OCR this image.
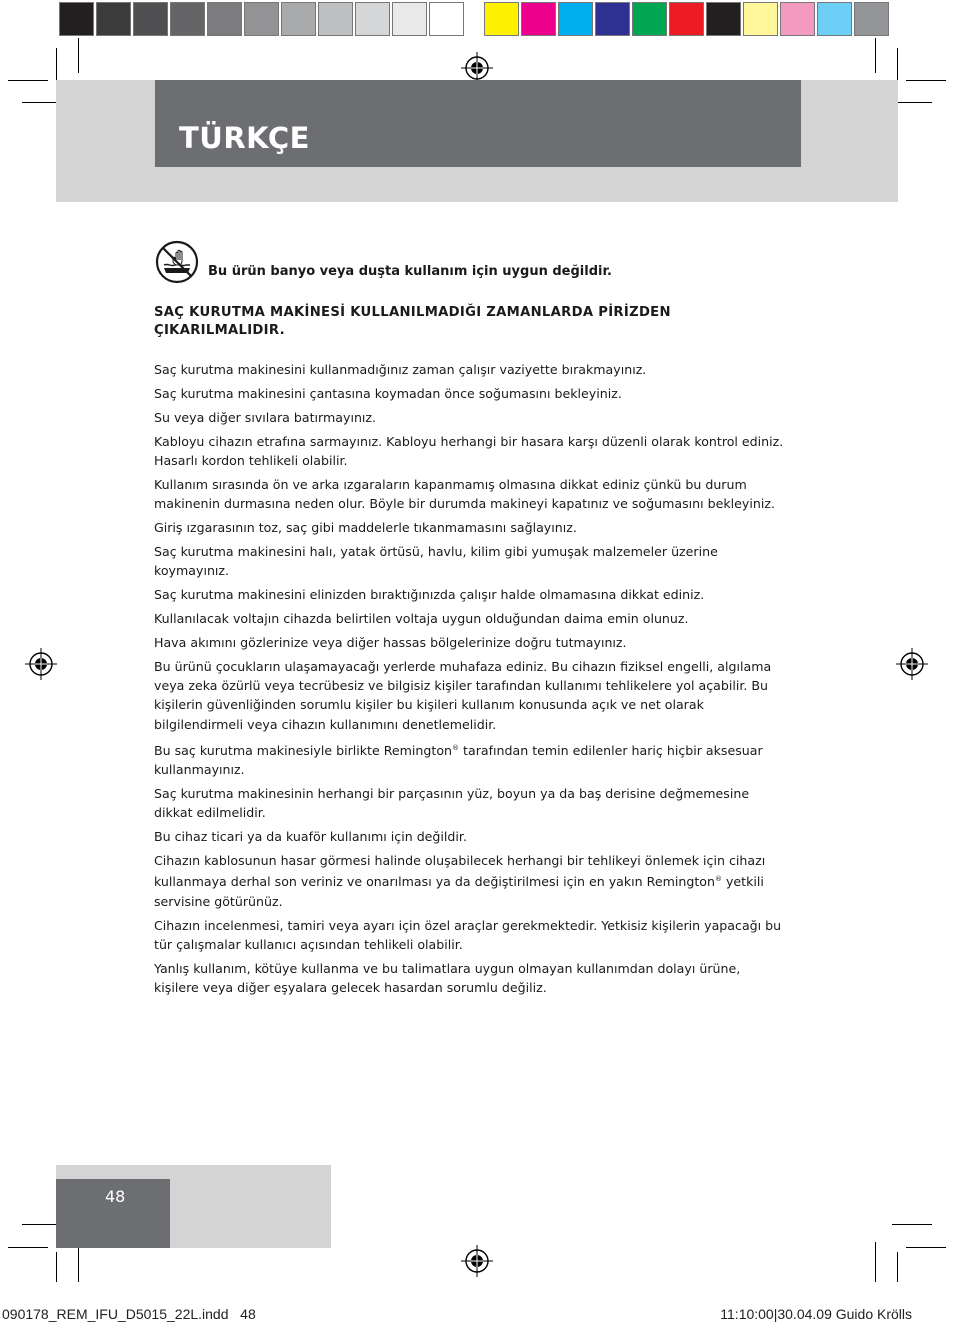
TÜRKÇE
Bu ürün banyo veya duşta kullanım için uygun değildir.

SAÇ KURUTMA MAKİNESİ KULLANILMADIĞI ZAMANLARDA PİRİZDEN
ÇIKARILMALIDIR.

Saç kurutma makinesini kullanmadığınız zaman çalışır vaziyette bırakmayınız.
Saç kurutma makinesini çantasına koymadan önce soğumasını bekleyiniz.
Su veya diğer sıvılara batırmayınız.
Kabloyu cihazın etrafına sarmayınız. Kabloyu herhangi bir hasara karşı düzenli olarak kontrol ediniz. Hasarlı kordon tehlikeli olabilir.
Kullanım sırasında ön ve arka ızgaraların kapanmamış olmasına dikkat ediniz çünkü bu durum makinenin durmasına neden olur. Böyle bir durumda makineyi kapatınız ve soğumasını bekleyiniz.
Giriş ızgarasının toz, saç gibi maddelerle tıkanmamasını sağlayınız.
Saç kurutma makinesini halı, yatak örtüsü, havlu, kilim gibi yumuşak malzemeler üzerine koymayınız.
Saç kurutma makinesini elinizden bıraktığınızda çalışır halde olmamasına dikkat ediniz.
Kullanılacak voltajın cihazda belirtilen voltaja uygun olduğundan daima emin olunuz.
Hava akımını gözlerinize veya diğer hassas bölgelerinize doğru tutmayınız.
Bu ürünü çocukların ulaşamayacağı yerlerde muhafaza ediniz. Bu cihazın fiziksel engelli, algılama veya zeka özürlü veya tecrübesiz ve bilgisiz kişiler tarafından kullanımı tehlikelere yol açabilir. Bu kişilerin güvenliğinden sorumlu kişiler bu kişileri kullanım konusunda açık ve net olarak bilgilendirmeli veya cihazın kullanımını denetlemelidir.
Bu saç kurutma makinesiyle birlikte Remington® tarafından temin edilenler hariç hiçbir aksesuar kullanmayınız.
Saç kurutma makinesinin herhangi bir parçasının yüz, boyun ya da baş derisine değmemesine dikkat edilmelidir.
Bu cihaz ticari ya da kuaför kullanımı için değildir.
Cihazın kablosunun hasar görmesi halinde oluşabilecek herhangi bir tehlikeyi önlemek için cihazı kullanmaya derhal son veriniz ve onarılması ya da değiştirilmesi için en yakın Remington® yetkili servisine götürünüz.
Cihazın incelenmesi, tamiri veya ayarı için özel araçlar gerekmektedir. Yetkisiz kişilerin yapacağı bu tür çalışmalar kullanıcı açısından tehlikeli olabilir.
Yanlış kullanım, kötüye kullanma ve bu talimatlara uygun olmayan kullanımdan dolayı ürüne, kişilere veya diğer eşyalara gelecek hasardan sorumlu değiliz.
48
090178_REM_IFU_D5015_22L.indd   48	11:10:00|30.04.09 Guido Krölls
